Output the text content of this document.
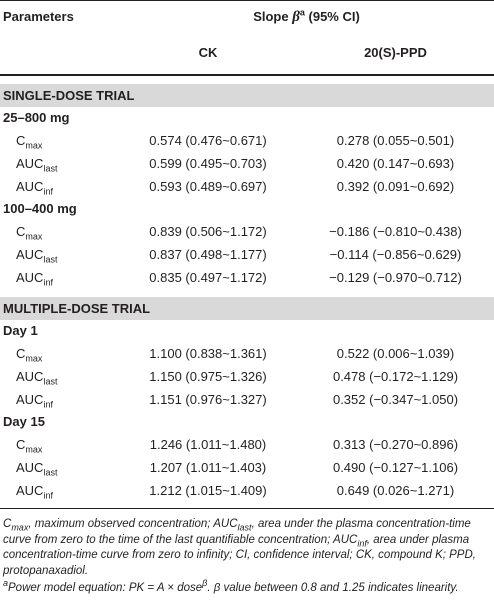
Parameters	Slope $\beta^a$ (95% CI)	
	CK	20(S)-PPD

SINGLE-DOSE TRIAL		
25–800 mg		
$C_{max}$	0.574 (0.476~0.671)	0.278 (0.055~0.501)
$AUC_{last}$	0.599 (0.495~0.703)	0.420 (0.147~0.693)
$AUC_{inf}$	0.593 (0.489~0.697)	0.392 (0.091~0.692)
100–400 mg		
$C_{max}$	0.839 (0.506~1.172)	−0.186 (−0.810~0.438)
$AUC_{last}$	0.837 (0.498~1.177)	−0.114 (−0.856~0.629)
$AUC_{inf}$	0.835 (0.497~1.172)	−0.129 (−0.970~0.712)

MULTIPLE-DOSE TRIAL		
Day 1		
$C_{max}$	1.100 (0.838~1.361)	0.522 (0.006~1.039)
$AUC_{last}$	1.150 (0.975~1.326)	0.478 (−0.172~1.129)
$AUC_{inf}$	1.151 (0.976~1.327)	0.352 (−0.347~1.050)
Day 15		
$C_{max}$	1.246 (1.011~1.480)	0.313 (−0.270~0.896)
$AUC_{last}$	1.207 (1.011~1.403)	0.490 (−0.127~1.106)
$AUC_{inf}$	1.212 (1.015~1.409)	0.649 (0.026~1.271)

$C_{max}$, maximum observed concentration; $AUC_{last}$, area under the plasma concentration-time curve from zero to the time of the last quantifiable concentration; $AUC_{inf}$, area under plasma concentration-time curve from zero to infinity; CI, confidence interval; CK, compound K; PPD, protopanaxadiol.

$^a$Power model equation: PK = A × dose$^\beta$. β value between 0.8 and 1.25 indicates linearity.
